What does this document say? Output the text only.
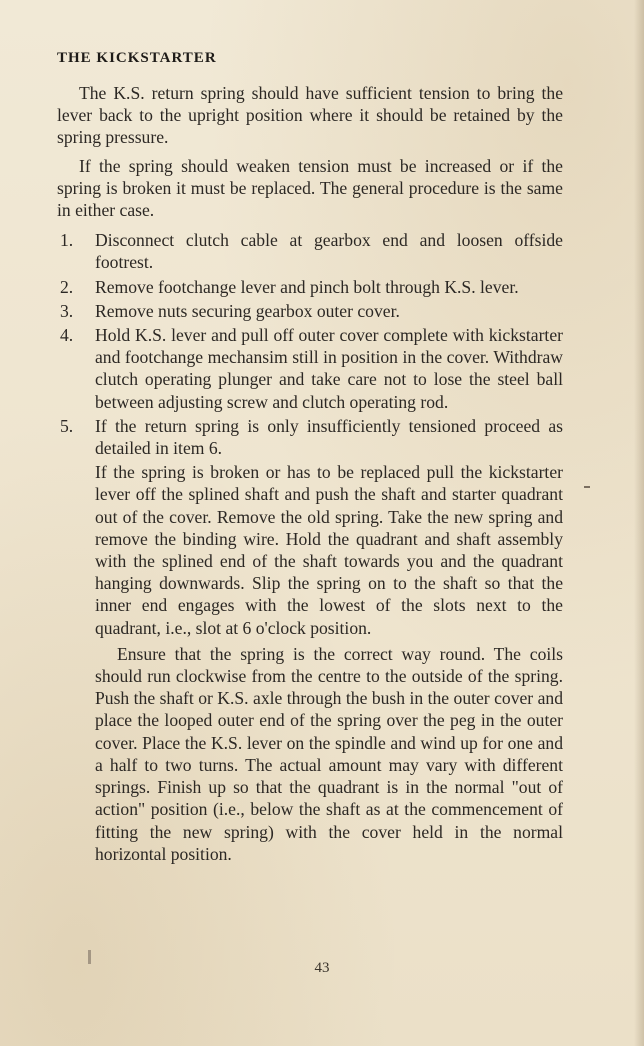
THE KICKSTARTER

The K.S. return spring should have sufficient tension to bring the lever back to the upright position where it should be retained by the spring pressure.

If the spring should weaken tension must be increased or if the spring is broken it must be replaced. The general procedure is the same in either case.

1. Disconnect clutch cable at gearbox end and loosen offside footrest.
2. Remove footchange lever and pinch bolt through K.S. lever.
3. Remove nuts securing gearbox outer cover.
4. Hold K.S. lever and pull off outer cover complete with kickstarter and footchange mechansim still in position in the cover. Withdraw clutch operating plunger and take care not to lose the steel ball between adjusting screw and clutch operating rod.
5. If the return spring is only insufficiently tensioned proceed as detailed in item 6.

If the spring is broken or has to be replaced pull the kickstarter lever off the splined shaft and push the shaft and starter quadrant out of the cover. Remove the old spring. Take the new spring and remove the binding wire. Hold the quadrant and shaft assembly with the splined end of the shaft towards you and the quadrant hanging downwards. Slip the spring on to the shaft so that the inner end engages with the lowest of the slots next to the quadrant, i.e., slot at 6 o'clock position.

Ensure that the spring is the correct way round. The coils should run clockwise from the centre to the outside of the spring. Push the shaft or K.S. axle through the bush in the outer cover and place the looped outer end of the spring over the peg in the outer cover. Place the K.S. lever on the spindle and wind up for one and a half to two turns. The actual amount may vary with different springs. Finish up so that the quadrant is in the normal "out of action" position (i.e., below the shaft as at the commencement of fitting the new spring) with the cover held in the normal horizontal position.

43
